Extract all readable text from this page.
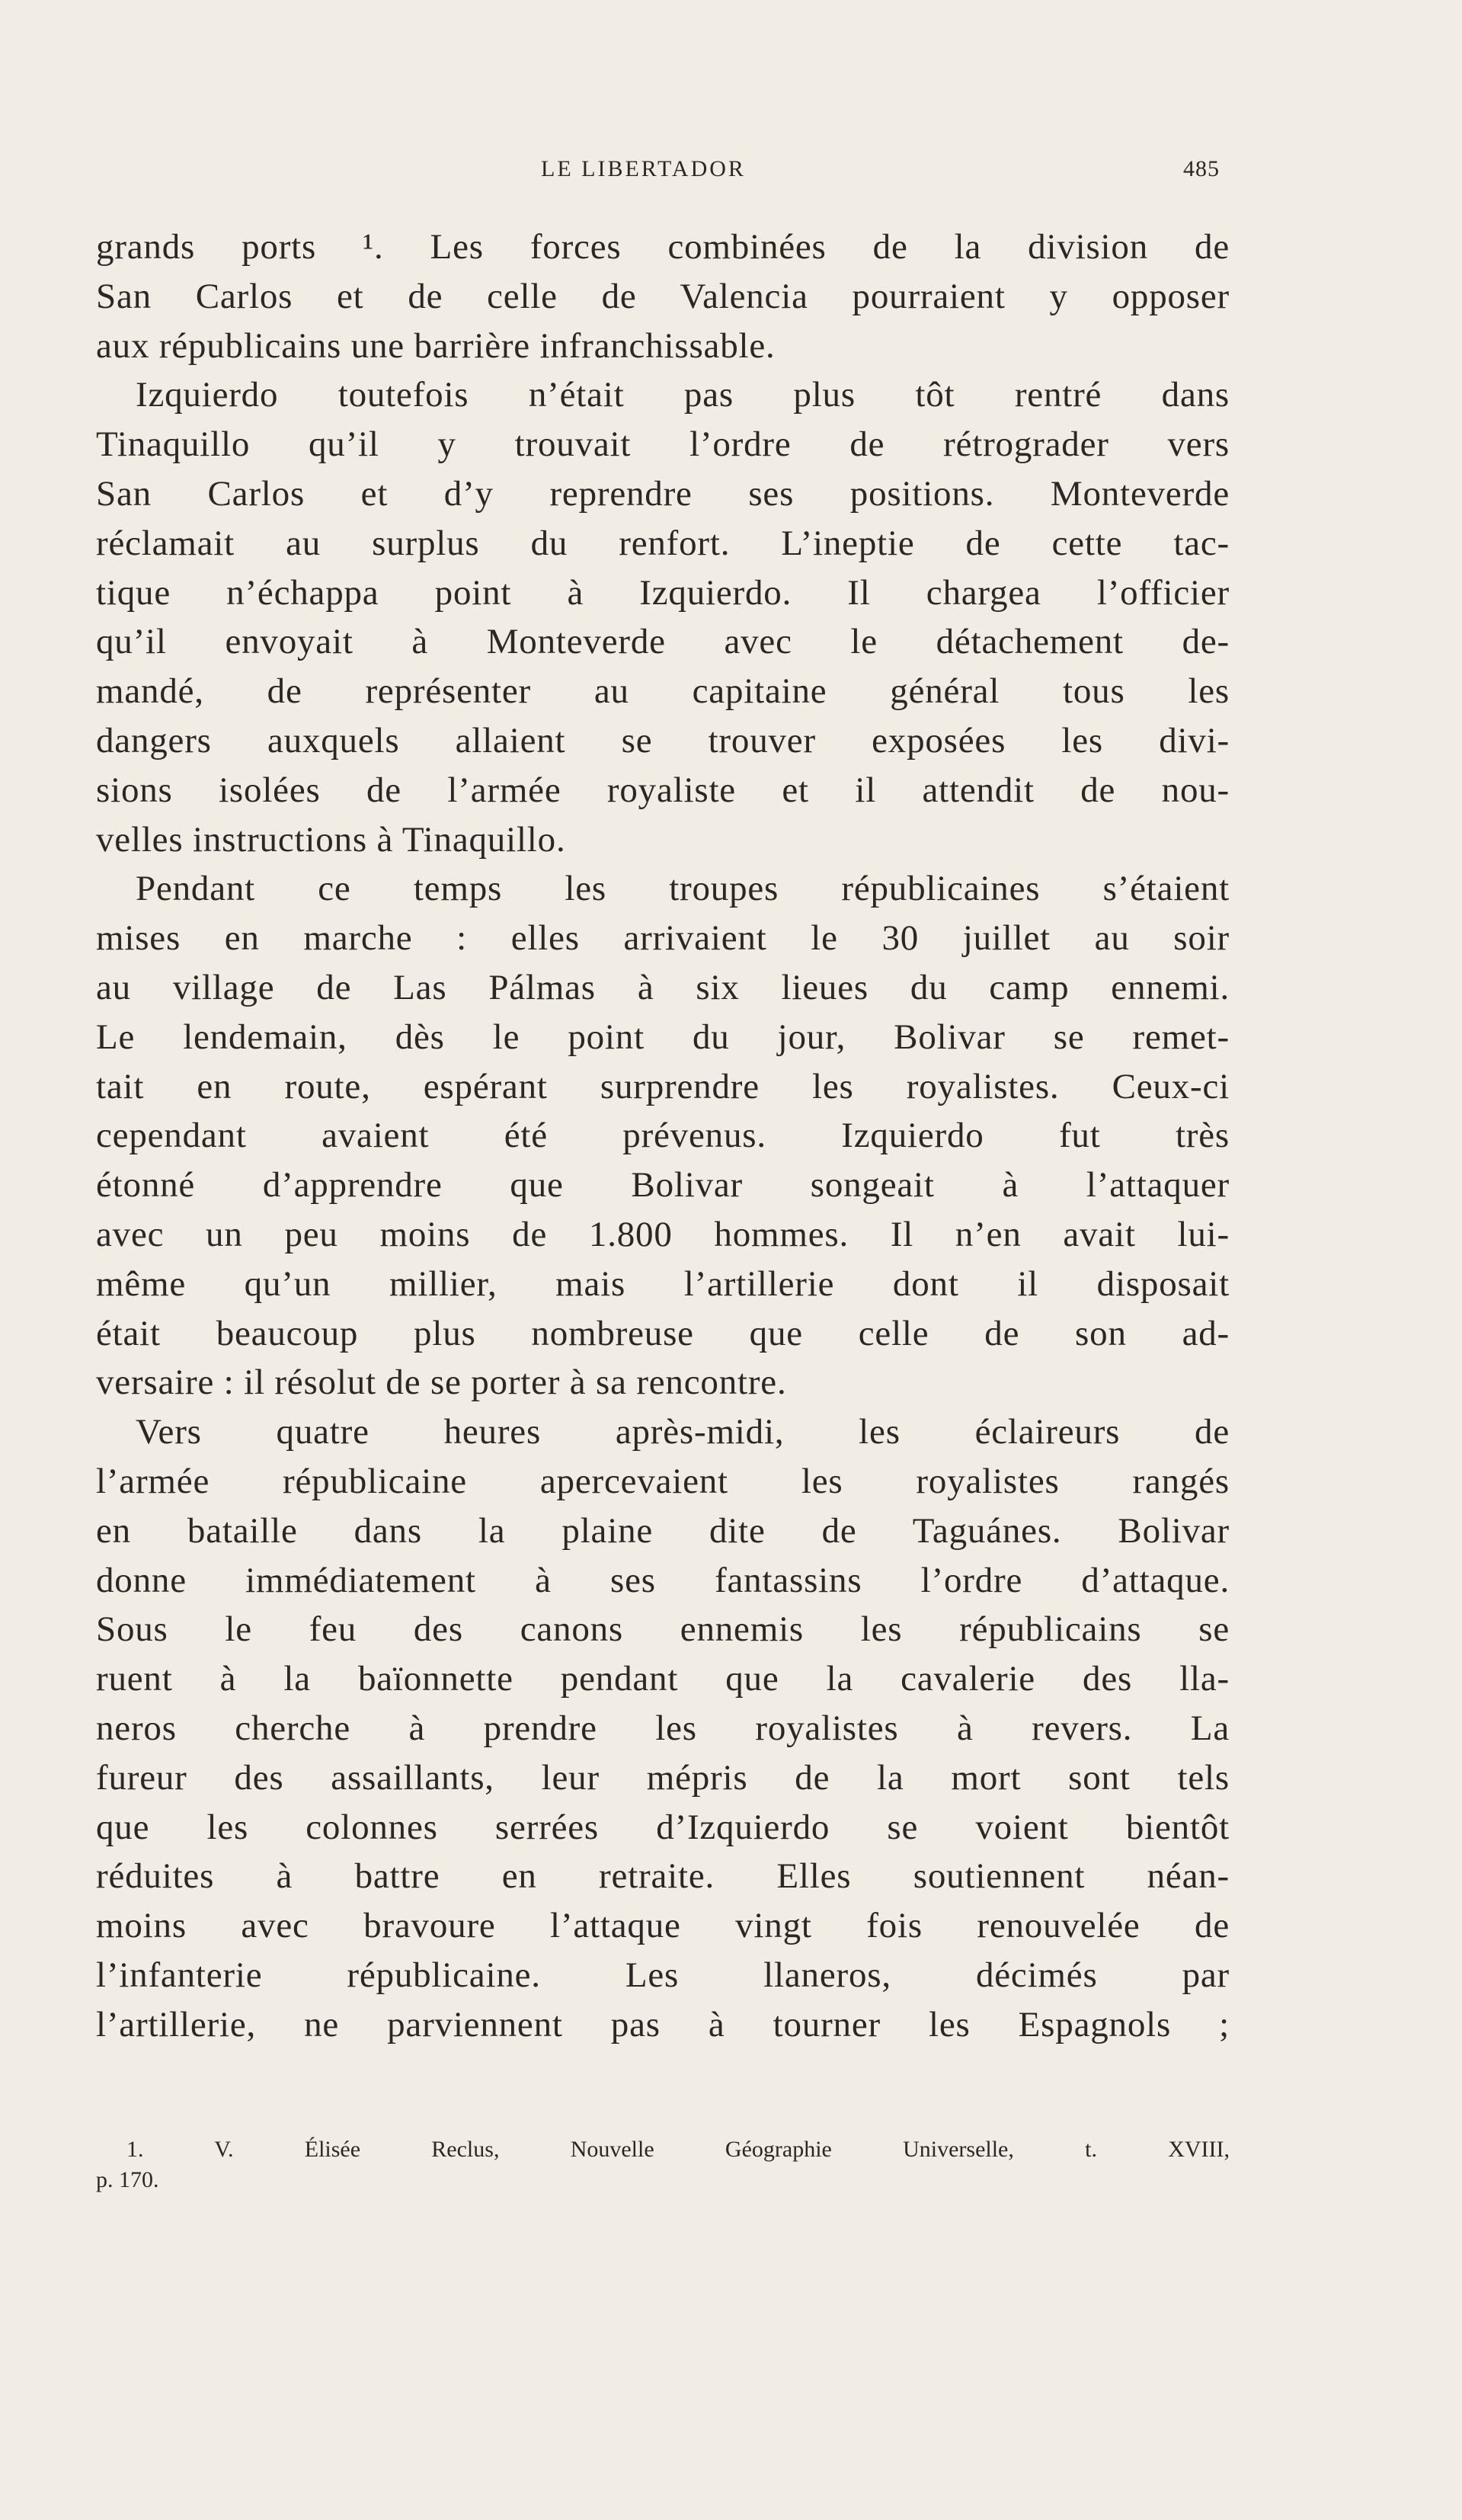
LE LIBERTADOR	485
grands ports ¹. Les forces combinées de la division de
San Carlos et de celle de Valencia pourraient y opposer
aux républicains une barrière infranchissable.
Izquierdo toutefois n’était pas plus tôt rentré dans
Tinaquillo qu’il y trouvait l’ordre de rétrograder vers
San Carlos et d’y reprendre ses positions. Monteverde
réclamait au surplus du renfort. L’ineptie de cette tac-
tique n’échappa point à Izquierdo. Il chargea l’officier
qu’il envoyait à Monteverde avec le détachement de-
mandé, de représenter au capitaine général tous les
dangers auxquels allaient se trouver exposées les divi-
sions isolées de l’armée royaliste et il attendit de nou-
velles instructions à Tinaquillo.
Pendant ce temps les troupes républicaines s’étaient
mises en marche : elles arrivaient le 30 juillet au soir
au village de Las Pálmas à six lieues du camp ennemi.
Le lendemain, dès le point du jour, Bolivar se remet-
tait en route, espérant surprendre les royalistes. Ceux-ci
cependant avaient été prévenus. Izquierdo fut très
étonné d’apprendre que Bolivar songeait à l’attaquer
avec un peu moins de 1.800 hommes. Il n’en avait lui-
même qu’un millier, mais l’artillerie dont il disposait
était beaucoup plus nombreuse que celle de son ad-
versaire : il résolut de se porter à sa rencontre.
Vers quatre heures après-midi, les éclaireurs de
l’armée républicaine apercevaient les royalistes rangés
en bataille dans la plaine dite de Taguánes. Bolivar
donne immédiatement à ses fantassins l’ordre d’attaque.
Sous le feu des canons ennemis les républicains se
ruent à la baïonnette pendant que la cavalerie des lla-
neros cherche à prendre les royalistes à revers. La
fureur des assaillants, leur mépris de la mort sont tels
que les colonnes serrées d’Izquierdo se voient bientôt
réduites à battre en retraite. Elles soutiennent néan-
moins avec bravoure l’attaque vingt fois renouvelée de
l’infanterie républicaine. Les llaneros, décimés par
l’artillerie, ne parviennent pas à tourner les Espagnols ;
1. V. Élisée Reclus, Nouvelle Géographie Universelle, t. XVIII,
p. 170.
